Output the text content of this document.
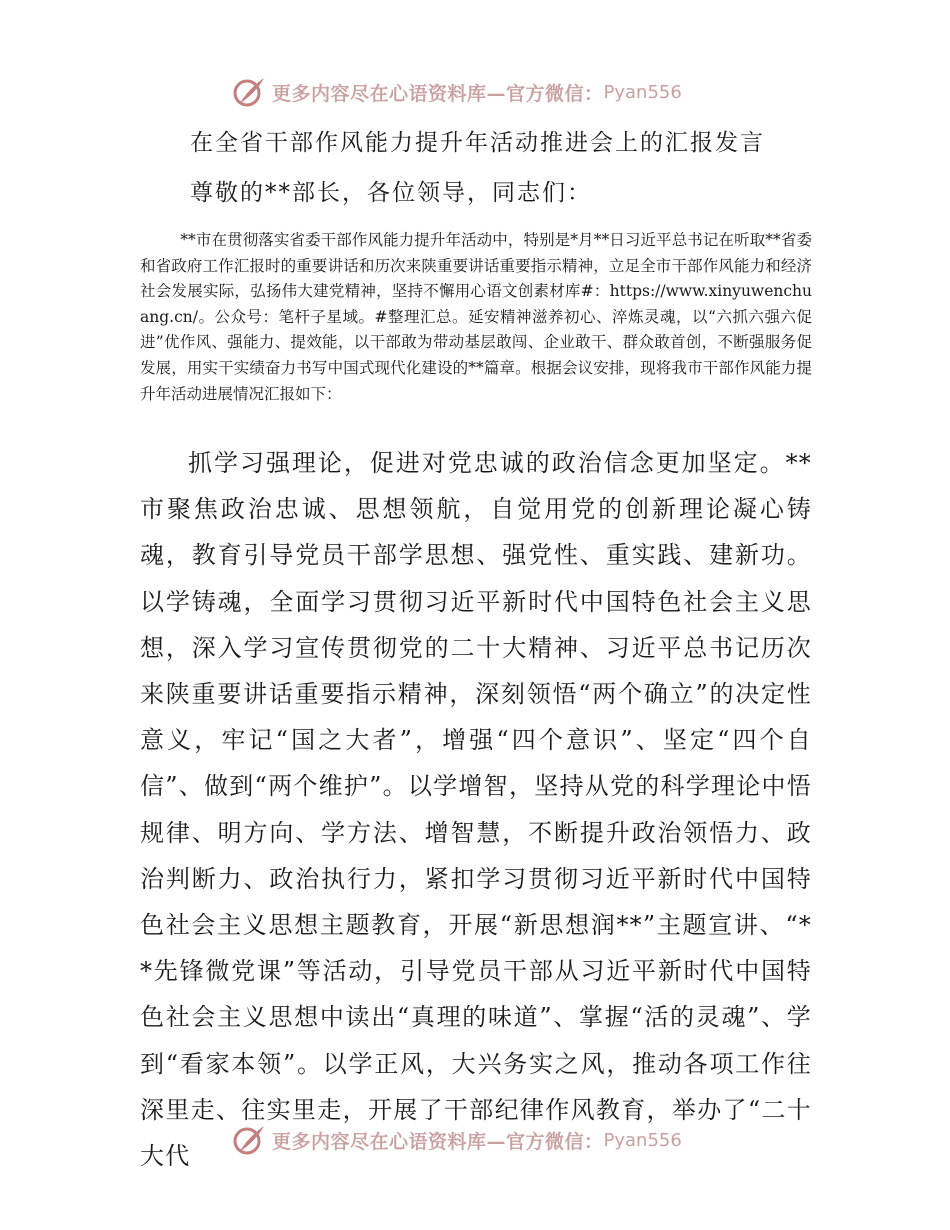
更多内容尽在心语资料库—官方微信： Pyan556
在全省干部作风能力提升年活动推进会上的汇报发言
尊敬的**部长，各位领导，同志们：
**市在贯彻落实省委干部作风能力提升年活动中，特别是*月**日习近平总书记在听取**省委和省政府工作汇报时的重要讲话和历次来陕重要讲话重要指示精神，立足全市干部作风能力和经济社会发展实际，弘扬伟大建党精神，坚持不懈用心语文创素材库#：https://www.xinyuwenchuang.cn/。公众号：笔杆子星域。#整理汇总。延安精神滋养初心、淬炼灵魂，以“六抓六强六促进”优作风、强能力、提效能，以干部敢为带动基层敢闯、企业敢干、群众敢首创，不断强服务促发展，用实干实绩奋力书写中国式现代化建设的**篇章。根据会议安排，现将我市干部作风能力提升年活动进展情况汇报如下：
抓学习强理论，促进对党忠诚的政治信念更加坚定。**市聚焦政治忠诚、思想领航，自觉用党的创新理论凝心铸魂，教育引导党员干部学思想、强党性、重实践、建新功。以学铸魂，全面学习贯彻习近平新时代中国特色社会主义思想，深入学习宣传贯彻党的二十大精神、习近平总书记历次来陕重要讲话重要指示精神，深刻领悟“两个确立”的决定性意义，牢记“国之大者”，增强“四个意识”、坚定“四个自信”、做到“两个维护”。以学增智，坚持从党的科学理论中悟规律、明方向、学方法、增智慧，不断提升政治领悟力、政治判断力、政治执行力，紧扣学习贯彻习近平新时代中国特色社会主义思想主题教育，开展“新思想润**”主题宣讲、“**先锋微党课”等活动，引导党员干部从习近平新时代中国特色社会主义思想中读出“真理的味道”、掌握“活的灵魂”、学到“看家本领”。以学正风，大兴务实之风，推动各项工作往深里走、往实里走，开展了干部纪律作风教育，举办了“二十大代
更多内容尽在心语资料库—官方微信： Pyan556
